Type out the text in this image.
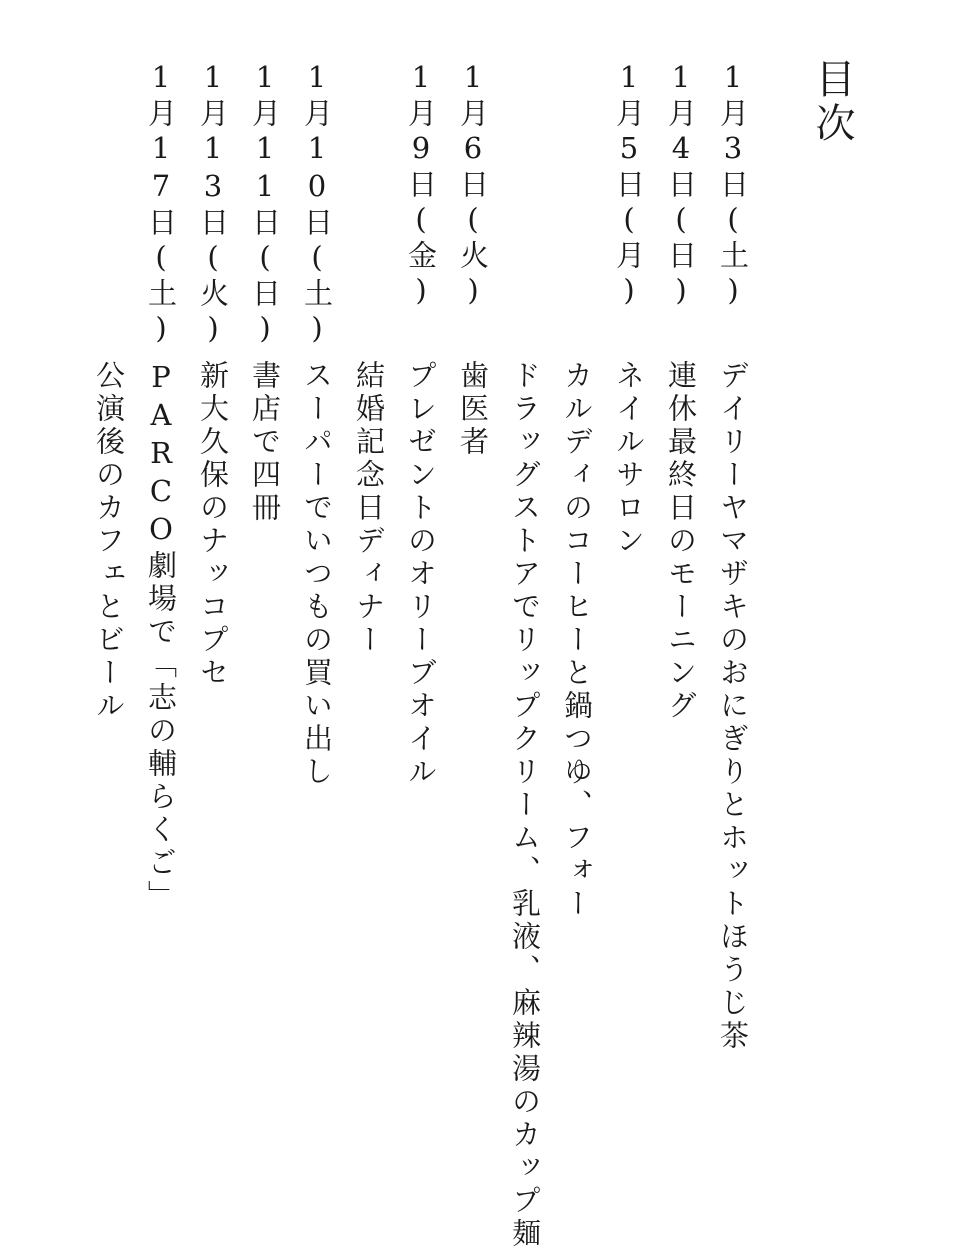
目次
1月3日(土)
1月4日(日)
1月5日(月)
1月6日(火)
1月9日(金)
1月10日(土)
1月11日(日)
1月13日(火)
1月17日(土)
デイリーヤマザキのおにぎりとホットほうじ茶
連休最終日のモーニング
ネイルサロン
カルディのコーヒーと鍋つゆ、フォー
ドラッグストアでリップクリーム、乳液、麻辣湯のカップ麺
歯医者
プレゼントのオリーブオイル
結婚記念日ディナー
スーパーでいつもの買い出し
書店で四冊
新大久保のナッコプセ
PARCO劇場で「志の輔らくご」
公演後のカフェとビール
